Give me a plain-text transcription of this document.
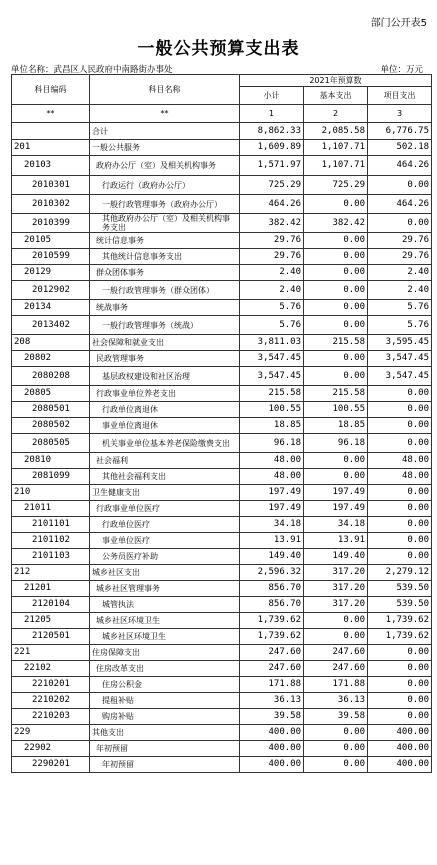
部门公开表5
一般公共预算支出表
单位名称：武昌区人民政府中南路街办事处	单位：万元
科目编码	科目名称	2021年预算数		
		小计	基本支出	项目支出
**	**	1	2	3
	合计	8,862.33	2,085.58	6,776.75
201	一般公共服务	1,609.89	1,107.71	502.18
20103	政府办公厅（室）及相关机构事务	1,571.97	1,107.71	464.26
2010301	行政运行（政府办公厅）	725.29	725.29	0.00
2010302	一般行政管理事务（政府办公厅）	464.26	0.00	464.26
2010399	其他政府办公厅（室）及相关机构事务支出	382.42	382.42	0.00
20105	统计信息事务	29.76	0.00	29.76
2010599	其他统计信息事务支出	29.76	0.00	29.76
20129	群众团体事务	2.40	0.00	2.40
2012902	一般行政管理事务（群众团体）	2.40	0.00	2.40
20134	统战事务	5.76	0.00	5.76
2013402	一般行政管理事务（统战）	5.76	0.00	5.76
208	社会保障和就业支出	3,811.03	215.58	3,595.45
20802	民政管理事务	3,547.45	0.00	3,547.45
2080208	基层政权建设和社区治理	3,547.45	0.00	3,547.45
20805	行政事业单位养老支出	215.58	215.58	0.00
2080501	行政单位离退休	100.55	100.55	0.00
2080502	事业单位离退休	18.85	18.85	0.00
2080505	机关事业单位基本养老保险缴费支出	96.18	96.18	0.00
20810	社会福利	48.00	0.00	48.00
2081099	其他社会福利支出	48.00	0.00	48.00
210	卫生健康支出	197.49	197.49	0.00
21011	行政事业单位医疗	197.49	197.49	0.00
2101101	行政单位医疗	34.18	34.18	0.00
2101102	事业单位医疗	13.91	13.91	0.00
2101103	公务员医疗补助	149.40	149.40	0.00
212	城乡社区支出	2,596.32	317.20	2,279.12
21201	城乡社区管理事务	856.70	317.20	539.50
2120104	城管执法	856.70	317.20	539.50
21205	城乡社区环境卫生	1,739.62	0.00	1,739.62
2120501	城乡社区环境卫生	1,739.62	0.00	1,739.62
221	住房保障支出	247.60	247.60	0.00
22102	住房改革支出	247.60	247.60	0.00
2210201	住房公积金	171.88	171.88	0.00
2210202	提租补贴	36.13	36.13	0.00
2210203	购房补贴	39.58	39.58	0.00
229	其他支出	400.00	0.00	400.00
22902	年初预留	400.00	0.00	400.00
2290201	年初预留	400.00	0.00	400.00
